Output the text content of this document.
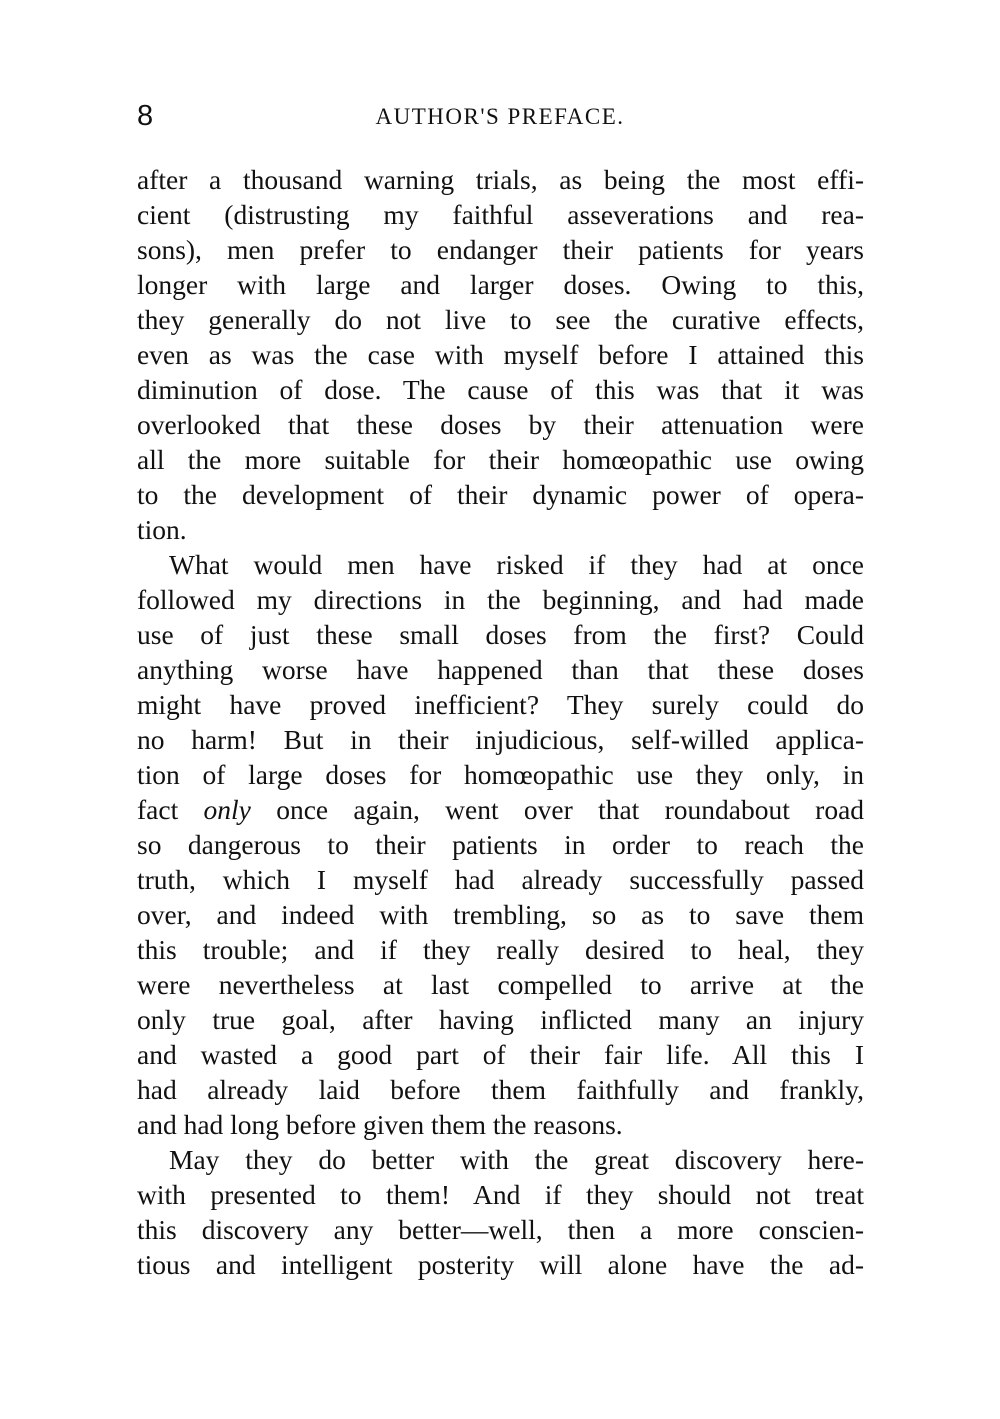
8	AUTHOR'S PREFACE.
after a thousand warning trials, as being the most effi-
cient (distrusting my faithful asseverations and rea-
sons), men prefer to endanger their patients for years
longer with large and larger doses. Owing to this,
they generally do not live to see the curative effects,
even as was the case with myself before I attained this
diminution of dose. The cause of this was that it was
overlooked that these doses by their attenuation were
all the more suitable for their homœopathic use owing
to the development of their dynamic power of opera-
tion.
What would men have risked if they had at once
followed my directions in the beginning, and had made
use of just these small doses from the first? Could
anything worse have happened than that these doses
might have proved inefficient? They surely could do
no harm! But in their injudicious, self-willed applica-
tion of large doses for homœopathic use they only, in
fact only once again, went over that roundabout road
so dangerous to their patients in order to reach the
truth, which I myself had already successfully passed
over, and indeed with trembling, so as to save them
this trouble; and if they really desired to heal, they
were nevertheless at last compelled to arrive at the
only true goal, after having inflicted many an injury
and wasted a good part of their fair life. All this I
had already laid before them faithfully and frankly,
and had long before given them the reasons.
May they do better with the great discovery here-
with presented to them! And if they should not treat
this discovery any better—well, then a more conscien-
tious and intelligent posterity will alone have the ad-
